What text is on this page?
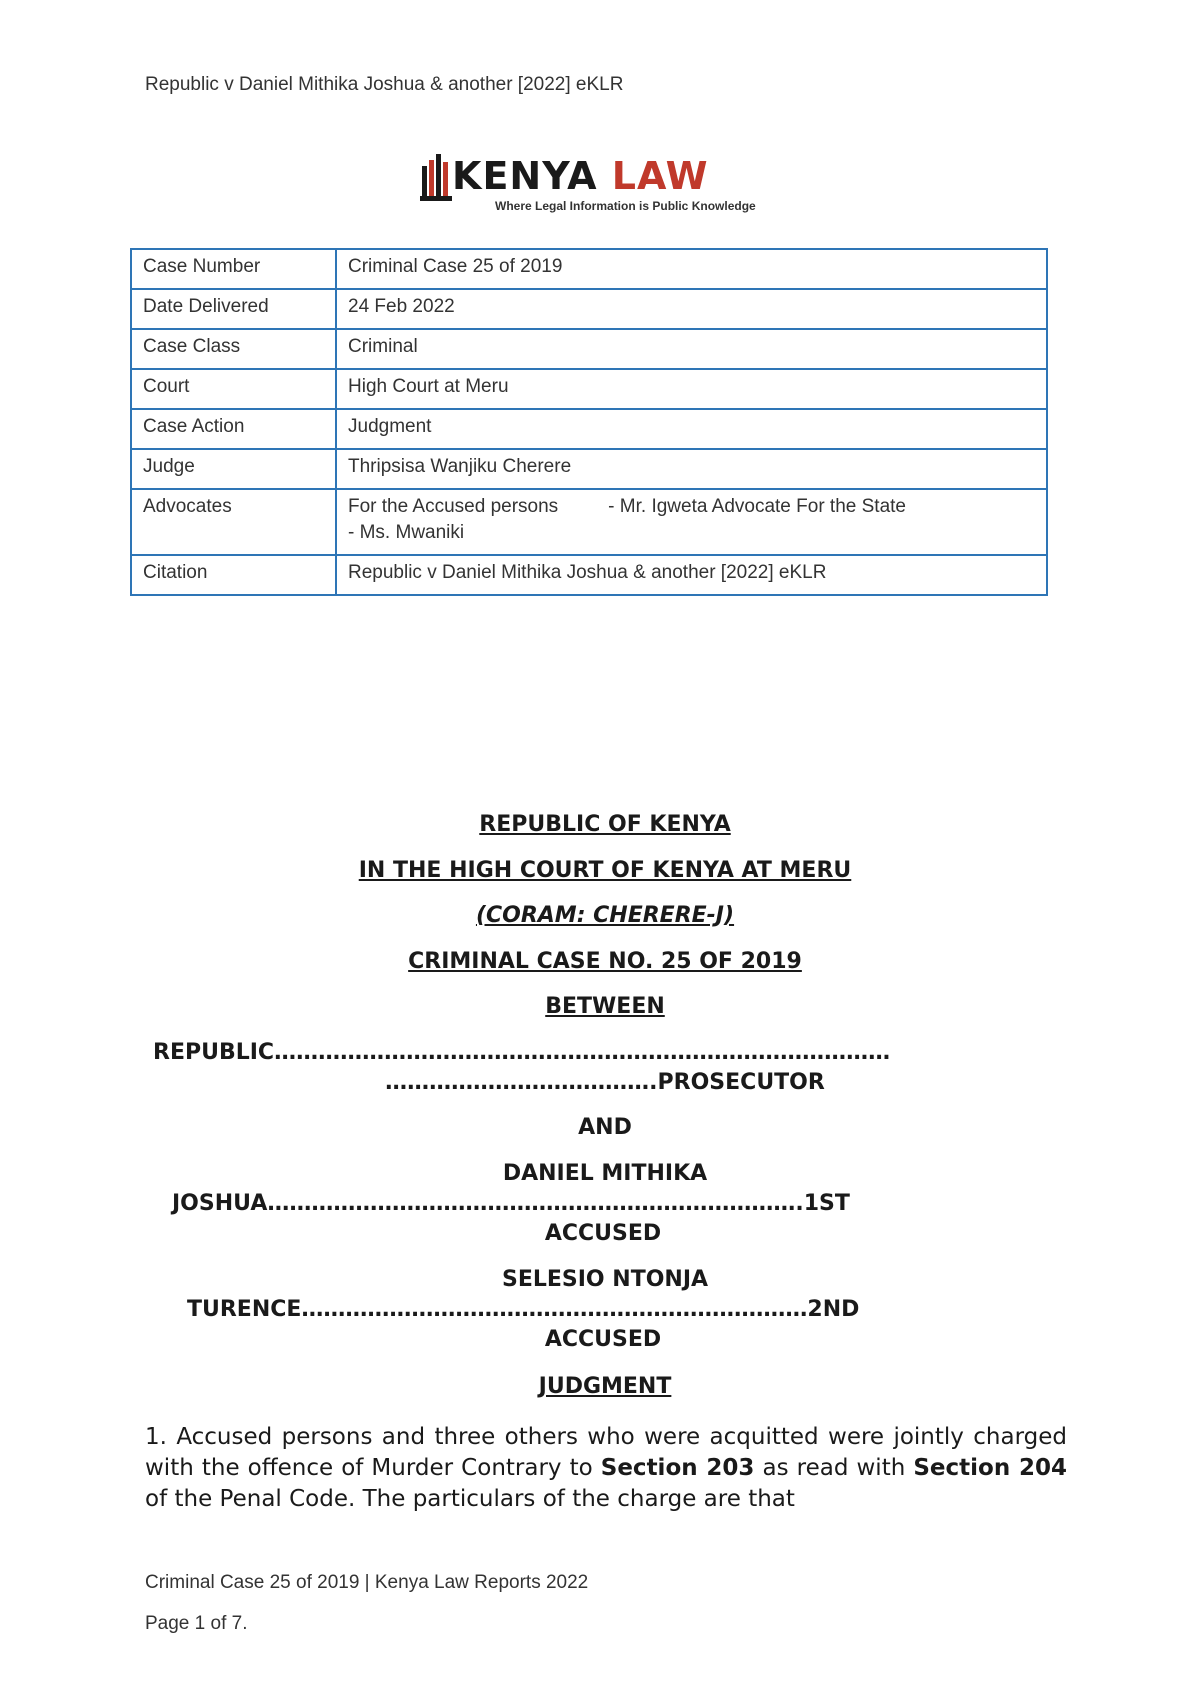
Republic v Daniel Mithika Joshua & another [2022] eKLR
KENYA LAW
Where Legal Information is Public Knowledge
Case Number	Criminal Case 25 of 2019
Date Delivered	24 Feb 2022
Case Class	Criminal
Court	High Court at Meru
Case Action	Judgment
Judge	Thripsisa Wanjiku Cherere
Advocates	For the Accused persons - Mr. Igweta Advocate For the State
- Ms. Mwaniki

Citation	Republic v Daniel Mithika Joshua & another [2022] eKLR
REPUBLIC OF KENYA
IN THE HIGH COURT OF KENYA AT MERU
(CORAM: CHERERE-J)
CRIMINAL CASE NO. 25 OF 2019
BETWEEN
REPUBLIC…………………………………………………………………………
……………………………….PROSECUTOR
AND
DANIEL MITHIKA
JOSHUA……………………………………………………………….1ST
ACCUSED
SELESIO NTONJA
TURENCE……………………………………………………………2ND
ACCUSED
JUDGMENT
1. Accused persons and three others who were acquitted were jointly charged with the offence of Murder Contrary to Section 203 as read with Section 204 of the Penal Code. The particulars of the charge are that
Criminal Case 25 of 2019 | Kenya Law Reports 2022
Page 1 of 7.
